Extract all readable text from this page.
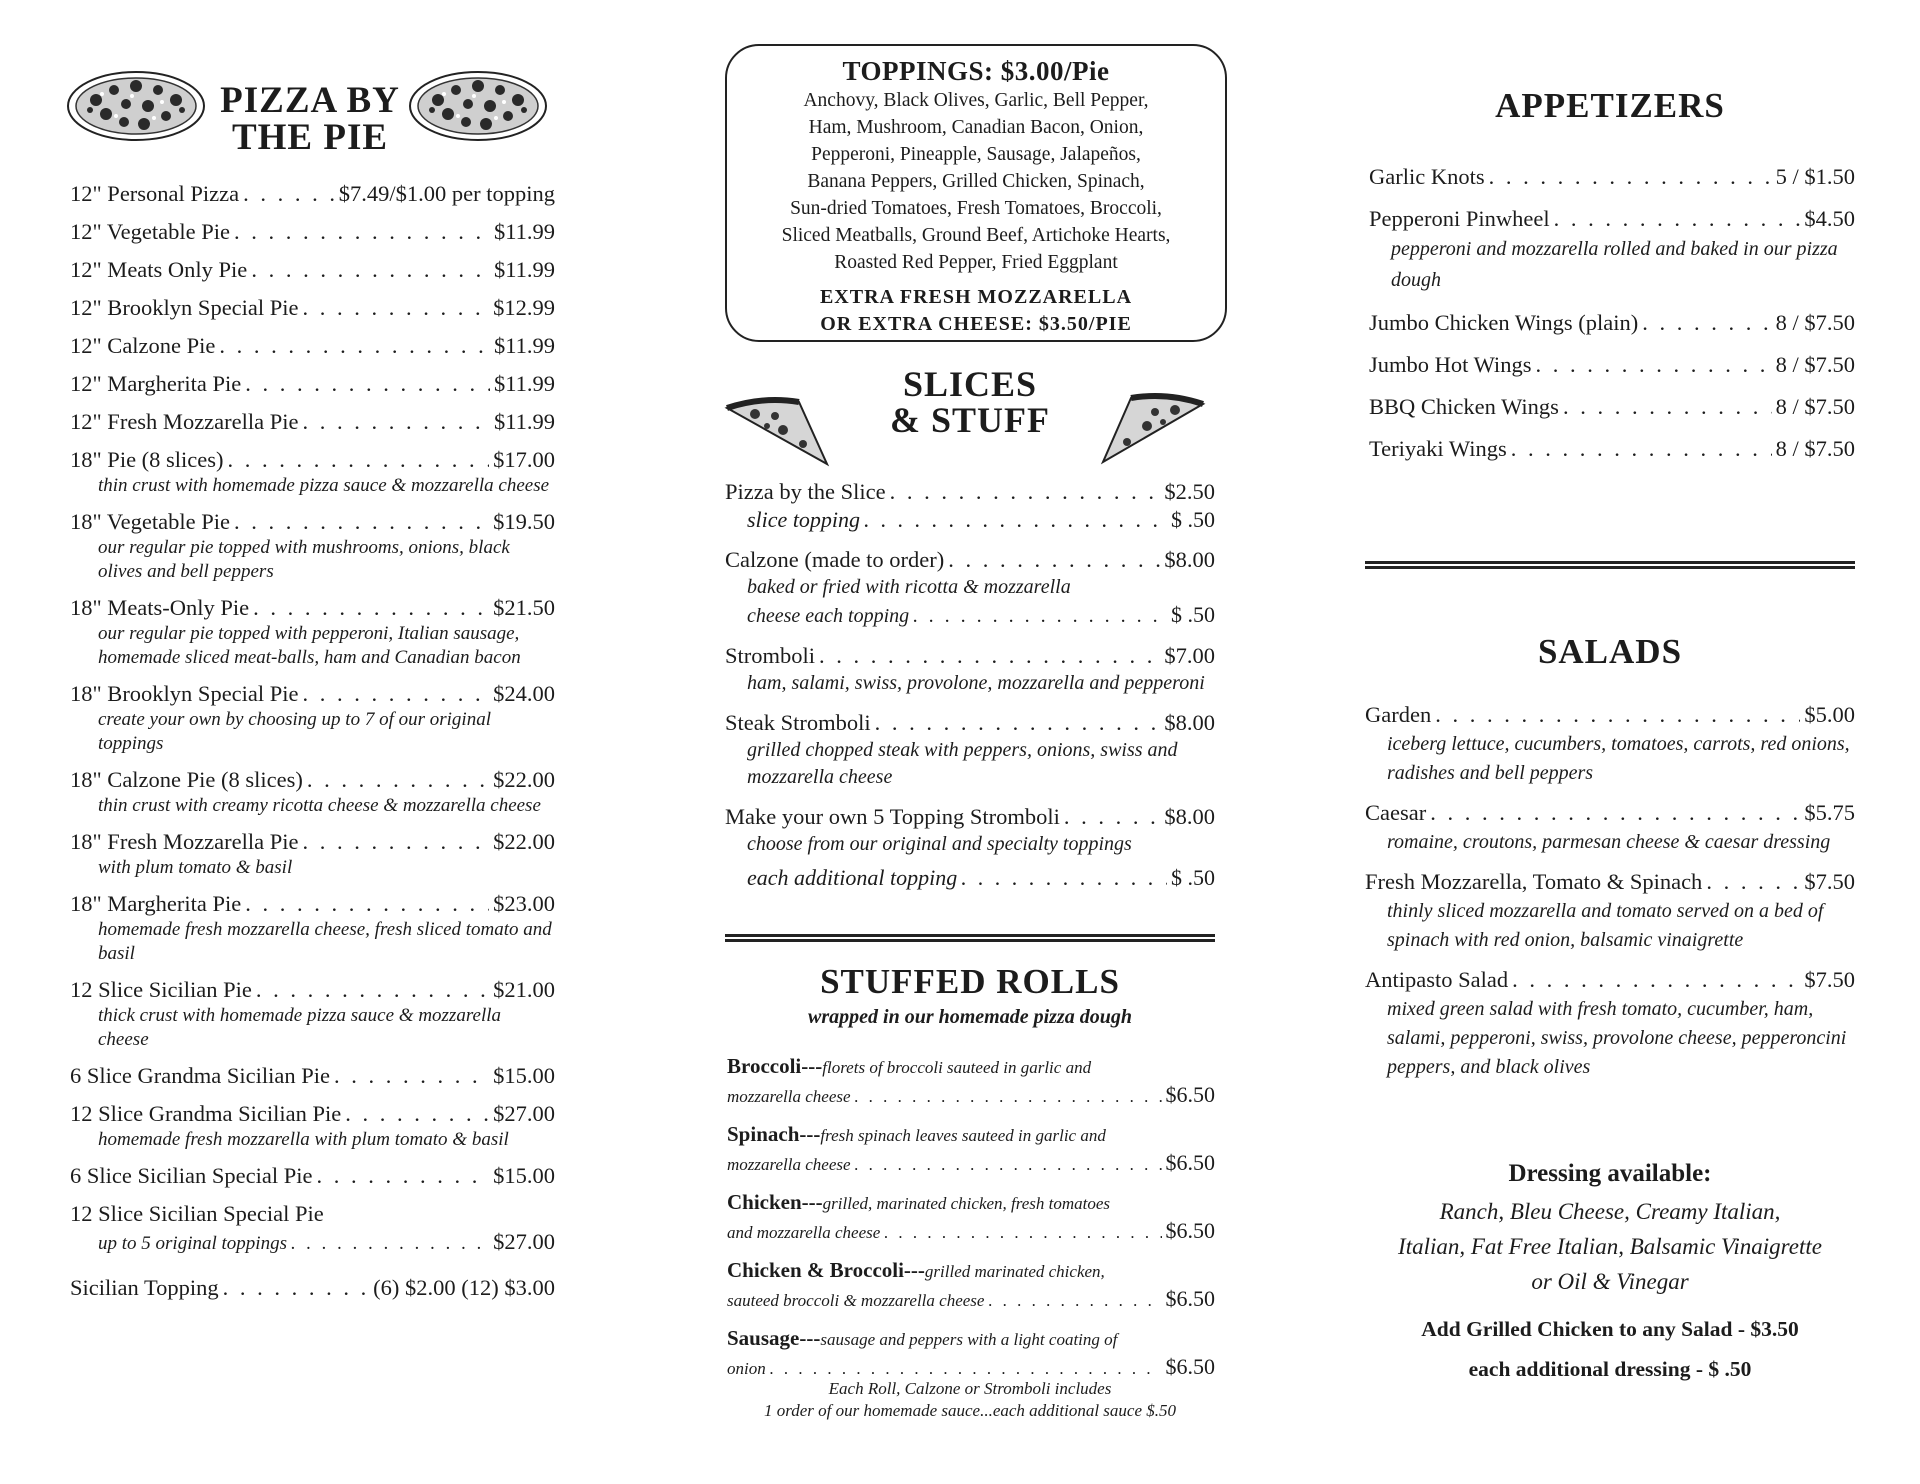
PIZZA BY
THE PIE
12" Personal Pizza . . .	$7.49/$1.00 per topping
12" Vegetable Pie . . .	$11.99
12" Meats Only Pie . . .	$11.99
12" Brooklyn Special Pie . . .	$12.99
12" Calzone Pie . . .	$11.99
12" Margherita Pie . . .	$11.99
12" Fresh Mozzarella Pie . . .	$11.99
18" Pie (8 slices) . . .	$17.00
thin crust with homemade pizza sauce & mozzarella cheese
18" Vegetable Pie . . .	$19.50
our regular pie topped with mushrooms, onions, black olives and bell peppers
18" Meats-Only Pie . . .	$21.50
our regular pie topped with pepperoni, Italian sausage, homemade sliced meat-balls, ham and Canadian bacon
18" Brooklyn Special Pie . . .	$24.00
create your own by choosing up to 7 of our original toppings
18" Calzone Pie (8 slices) . . .	$22.00
thin crust with creamy ricotta cheese & mozzarella cheese
18" Fresh Mozzarella Pie . . .	$22.00
with plum tomato & basil
18" Margherita Pie . . .	$23.00
homemade fresh mozzarella cheese, fresh sliced tomato and basil
12 Slice Sicilian Pie . . .	$21.00
thick crust with homemade pizza sauce & mozzarella cheese
6 Slice Grandma Sicilian Pie . . .	$15.00
12 Slice Grandma Sicilian Pie . . .	$27.00
homemade fresh mozzarella with plum tomato & basil
6 Slice Sicilian Special Pie . . .	$15.00
12 Slice Sicilian Special Pie
up to 5 original toppings . . .	$27.00
Sicilian Topping . . .	(6) $2.00 (12) $3.00
TOPPINGS: $3.00/Pie
Anchovy, Black Olives, Garlic, Bell Pepper,
Ham, Mushroom, Canadian Bacon, Onion,
Pepperoni, Pineapple, Sausage, Jalapeños,
Banana Peppers, Grilled Chicken, Spinach,
Sun-dried Tomatoes, Fresh Tomatoes, Broccoli,
Sliced Meatballs, Ground Beef, Artichoke Hearts,
Roasted Red Pepper, Fried Eggplant
EXTRA FRESH MOZZARELLA
OR EXTRA CHEESE: $3.50/PIE
SLICES
& STUFF
Pizza by the Slice . . .	$2.50
slice topping . . .	$ .50
Calzone (made to order) . . .	$8.00
baked or fried with ricotta & mozzarella
cheese each topping . . .	$ .50
Stromboli . . .	$7.00
ham, salami, swiss, provolone, mozzarella and pepperoni
Steak Stromboli . . .	$8.00
grilled chopped steak with peppers, onions, swiss and mozzarella cheese
Make your own 5 Topping Stromboli . . .	$8.00
choose from our original and specialty toppings
each additional topping . . .	$ .50
STUFFED ROLLS
wrapped in our homemade pizza dough
Broccoli---florets of broccoli sauteed in garlic and
mozzarella cheese . . .	$6.50
Spinach---fresh spinach leaves sauteed in garlic and
mozzarella cheese . . .	$6.50
Chicken---grilled, marinated chicken, fresh tomatoes
and mozzarella cheese . . .	$6.50
Chicken & Broccoli---grilled marinated chicken,
sauteed broccoli & mozzarella cheese . . .	$6.50
Sausage---sausage and peppers with a light coating of
onion . . .	$6.50
Each Roll, Calzone or Stromboli includes
1 order of our homemade sauce...each additional sauce $.50
APPETIZERS
Garlic Knots . . .	5 / $1.50
Pepperoni Pinwheel . . .	$4.50
pepperoni and mozzarella rolled and baked in our pizza dough
Jumbo Chicken Wings (plain) . . .	8 / $7.50
Jumbo Hot Wings . . .	8 / $7.50
BBQ Chicken Wings . . .	8 / $7.50
Teriyaki Wings . . .	8 / $7.50
SALADS
Garden . . .	$5.00
iceberg lettuce, cucumbers, tomatoes, carrots, red onions, radishes and bell peppers
Caesar . . .	$5.75
romaine, croutons, parmesan cheese & caesar dressing
Fresh Mozzarella, Tomato & Spinach . . .	$7.50
thinly sliced mozzarella and tomato served on a bed of spinach with red onion, balsamic vinaigrette
Antipasto Salad . . .	$7.50
mixed green salad with fresh tomato, cucumber, ham, salami, pepperoni, swiss, provolone cheese, pepperoncini peppers, and black olives
Dressing available:
Ranch, Bleu Cheese, Creamy Italian,
Italian, Fat Free Italian, Balsamic Vinaigrette
or Oil & Vinegar
Add Grilled Chicken to any Salad - $3.50
each additional dressing - $ .50
